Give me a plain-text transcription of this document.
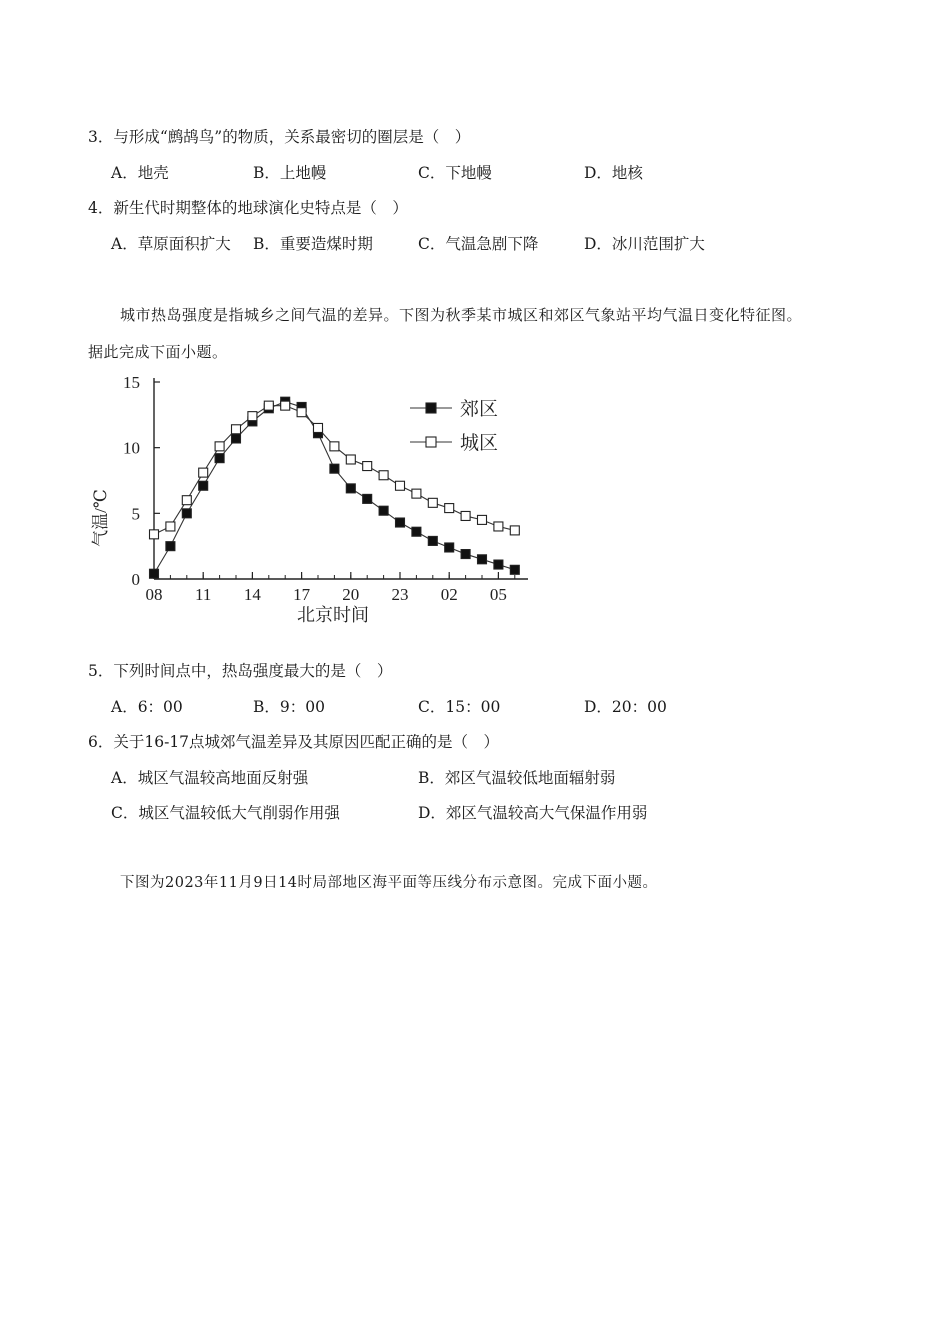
3．与形成“鹧鸪鸟”的物质，关系最密切的圈层是（　）
A．地壳	B．上地幔	C．下地幔	D．地核
4．新生代时期整体的地球演化史特点是（　）
A．草原面积扩大 B．重要造煤时期	C．气温急剧下降	D．冰川范围扩大
城市热岛强度是指城乡之间气温的差异。下图为秋季某市城区和郊区气象站平均气温日变化特征图。
据此完成下面小题。
0
5
10
15
08 11 14 17 20 23 02 05
郊区
城区
气温/℃
北京时间
5．下列时间点中，热岛强度最大的是（　）
A．6：00	B．9：00	C．15：00	D．20：00
6．关于16-17点城郊气温差异及其原因匹配正确的是（　）
A．城区气温较高地面反射强	B．郊区气温较低地面辐射弱
C．城区气温较低大气削弱作用强	D．郊区气温较高大气保温作用弱
下图为2023年11月9日14时局部地区海平面等压线分布示意图。完成下面小题。
